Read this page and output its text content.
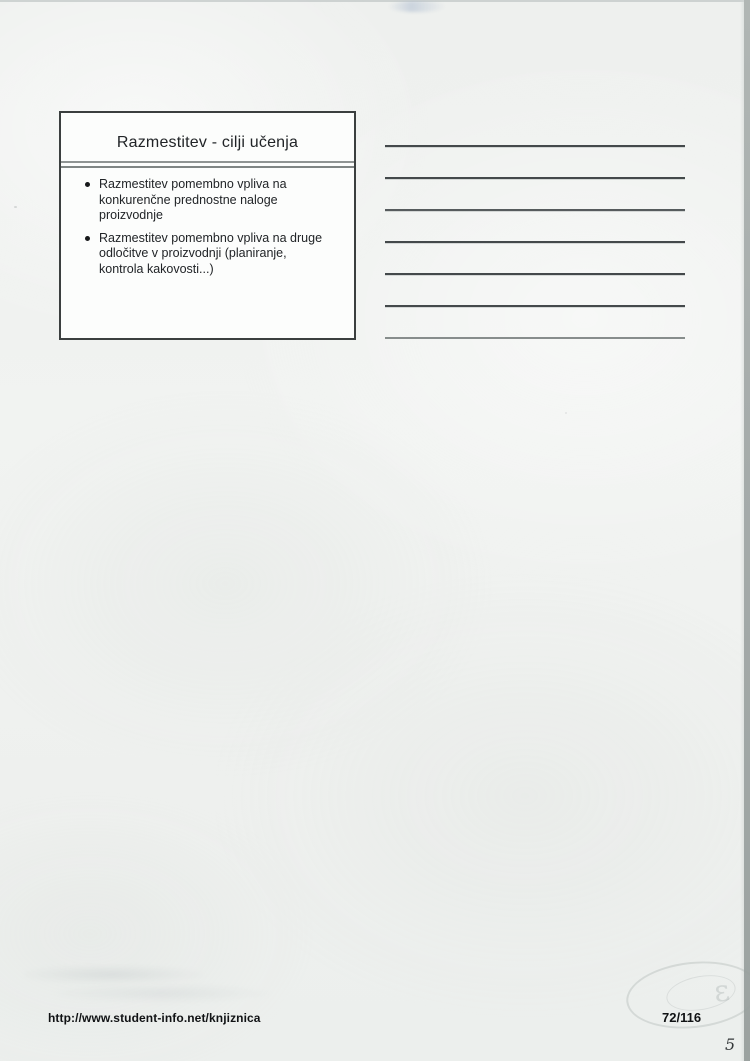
Razmestitev - cilji učenja
Razmestitev pomembno vpliva na
konkurenčne prednostne naloge
proizvodnje
Razmestitev pomembno vpliva na druge
odločitve v proizvodnji (planiranje,
kontrola kakovosti...)
ε
http://www.student-info.net/knjiznica	72/116
5
